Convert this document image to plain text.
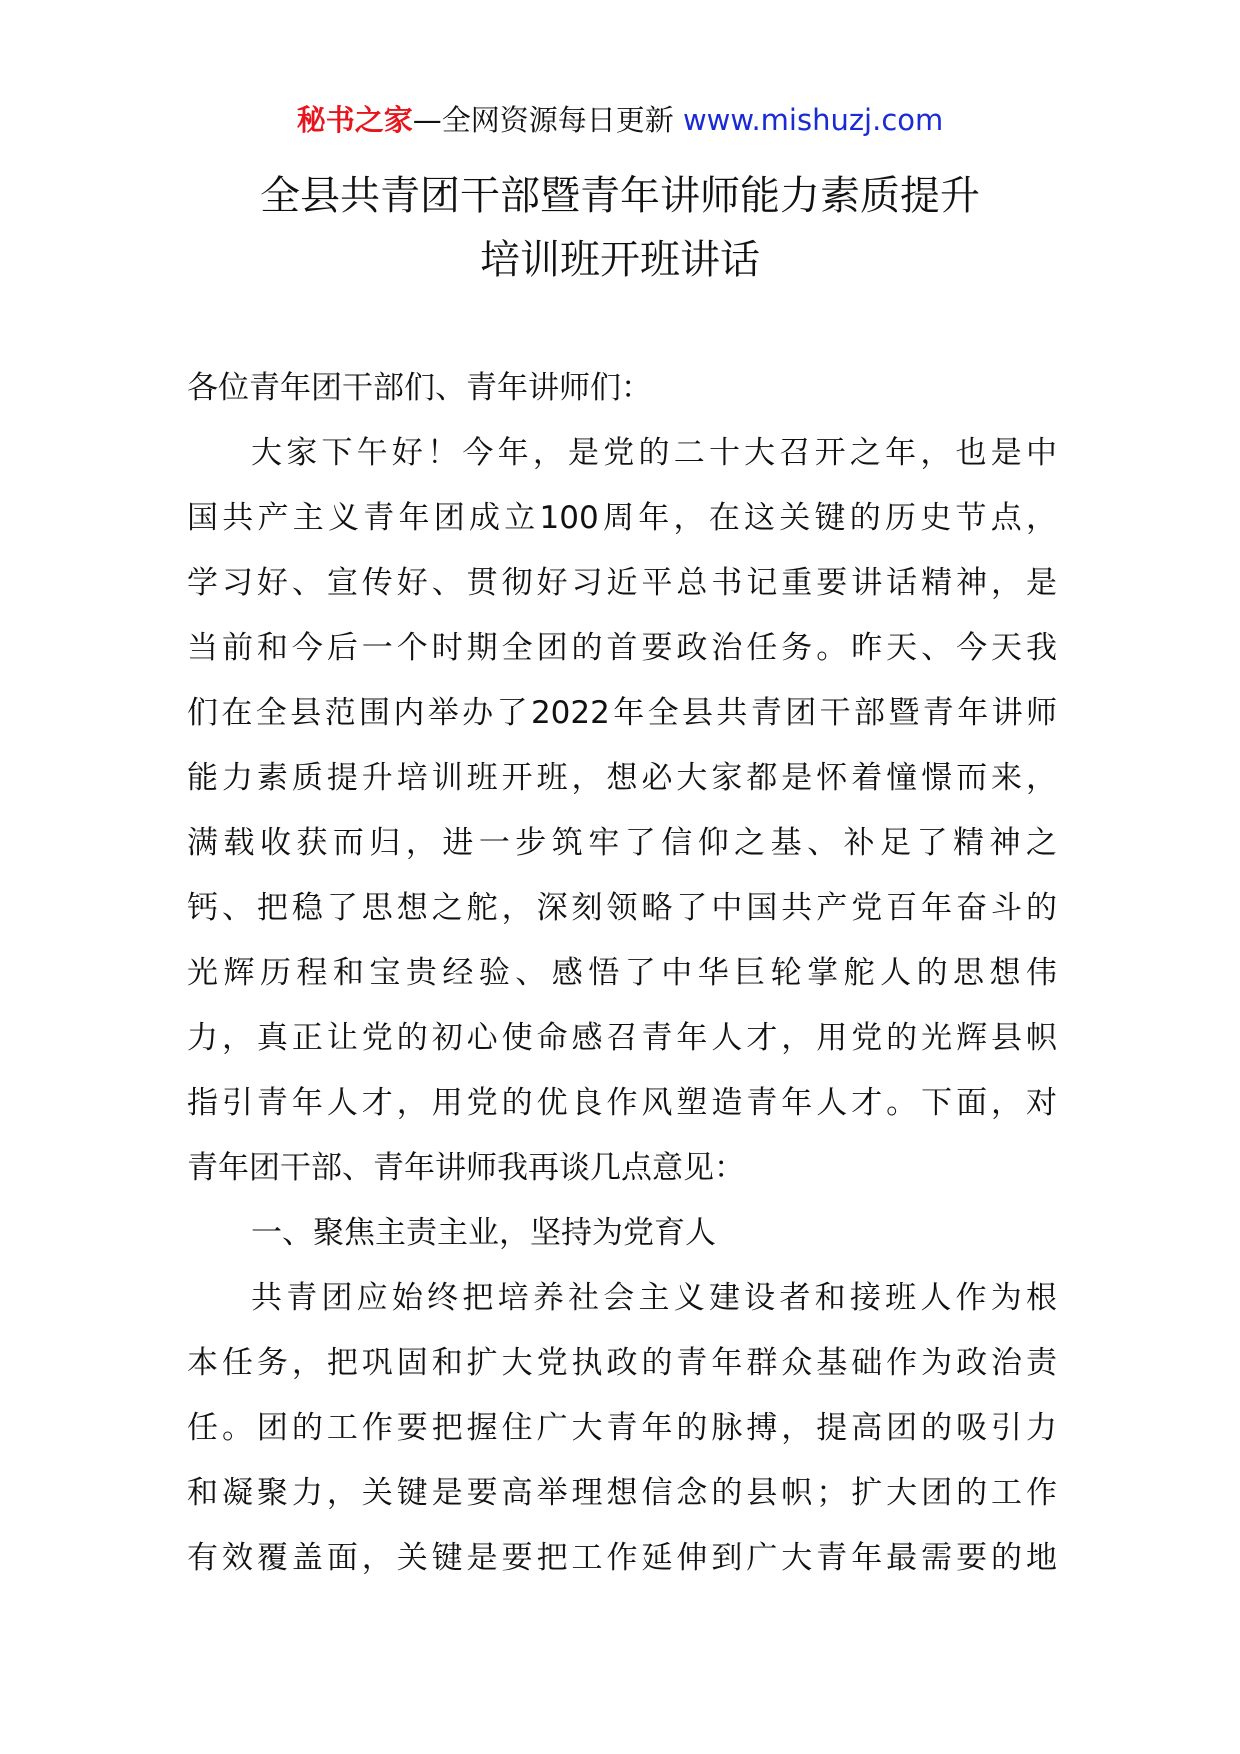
秘书之家—全网资源每日更新 www.mishuzj.com
全县共青团干部暨青年讲师能力素质提升
培训班开班讲话
各位青年团干部们、青年讲师们：
大家下午好！今年，是党的二十大召开之年，也是中
国共产主义青年团成立100周年，在这关键的历史节点，
学习好、宣传好、贯彻好习近平总书记重要讲话精神，是
当前和今后一个时期全团的首要政治任务。昨天、今天我
们在全县范围内举办了2022年全县共青团干部暨青年讲师
能力素质提升培训班开班，想必大家都是怀着憧憬而来，
满载收获而归，进一步筑牢了信仰之基、补足了精神之
钙、把稳了思想之舵，深刻领略了中国共产党百年奋斗的
光辉历程和宝贵经验、感悟了中华巨轮掌舵人的思想伟
力，真正让党的初心使命感召青年人才，用党的光辉县帜
指引青年人才，用党的优良作风塑造青年人才。下面，对
青年团干部、青年讲师我再谈几点意见：
一、聚焦主责主业，坚持为党育人
共青团应始终把培养社会主义建设者和接班人作为根
本任务，把巩固和扩大党执政的青年群众基础作为政治责
任。团的工作要把握住广大青年的脉搏，提高团的吸引力
和凝聚力，关键是要高举理想信念的县帜；扩大团的工作
有效覆盖面，关键是要把工作延伸到广大青年最需要的地
